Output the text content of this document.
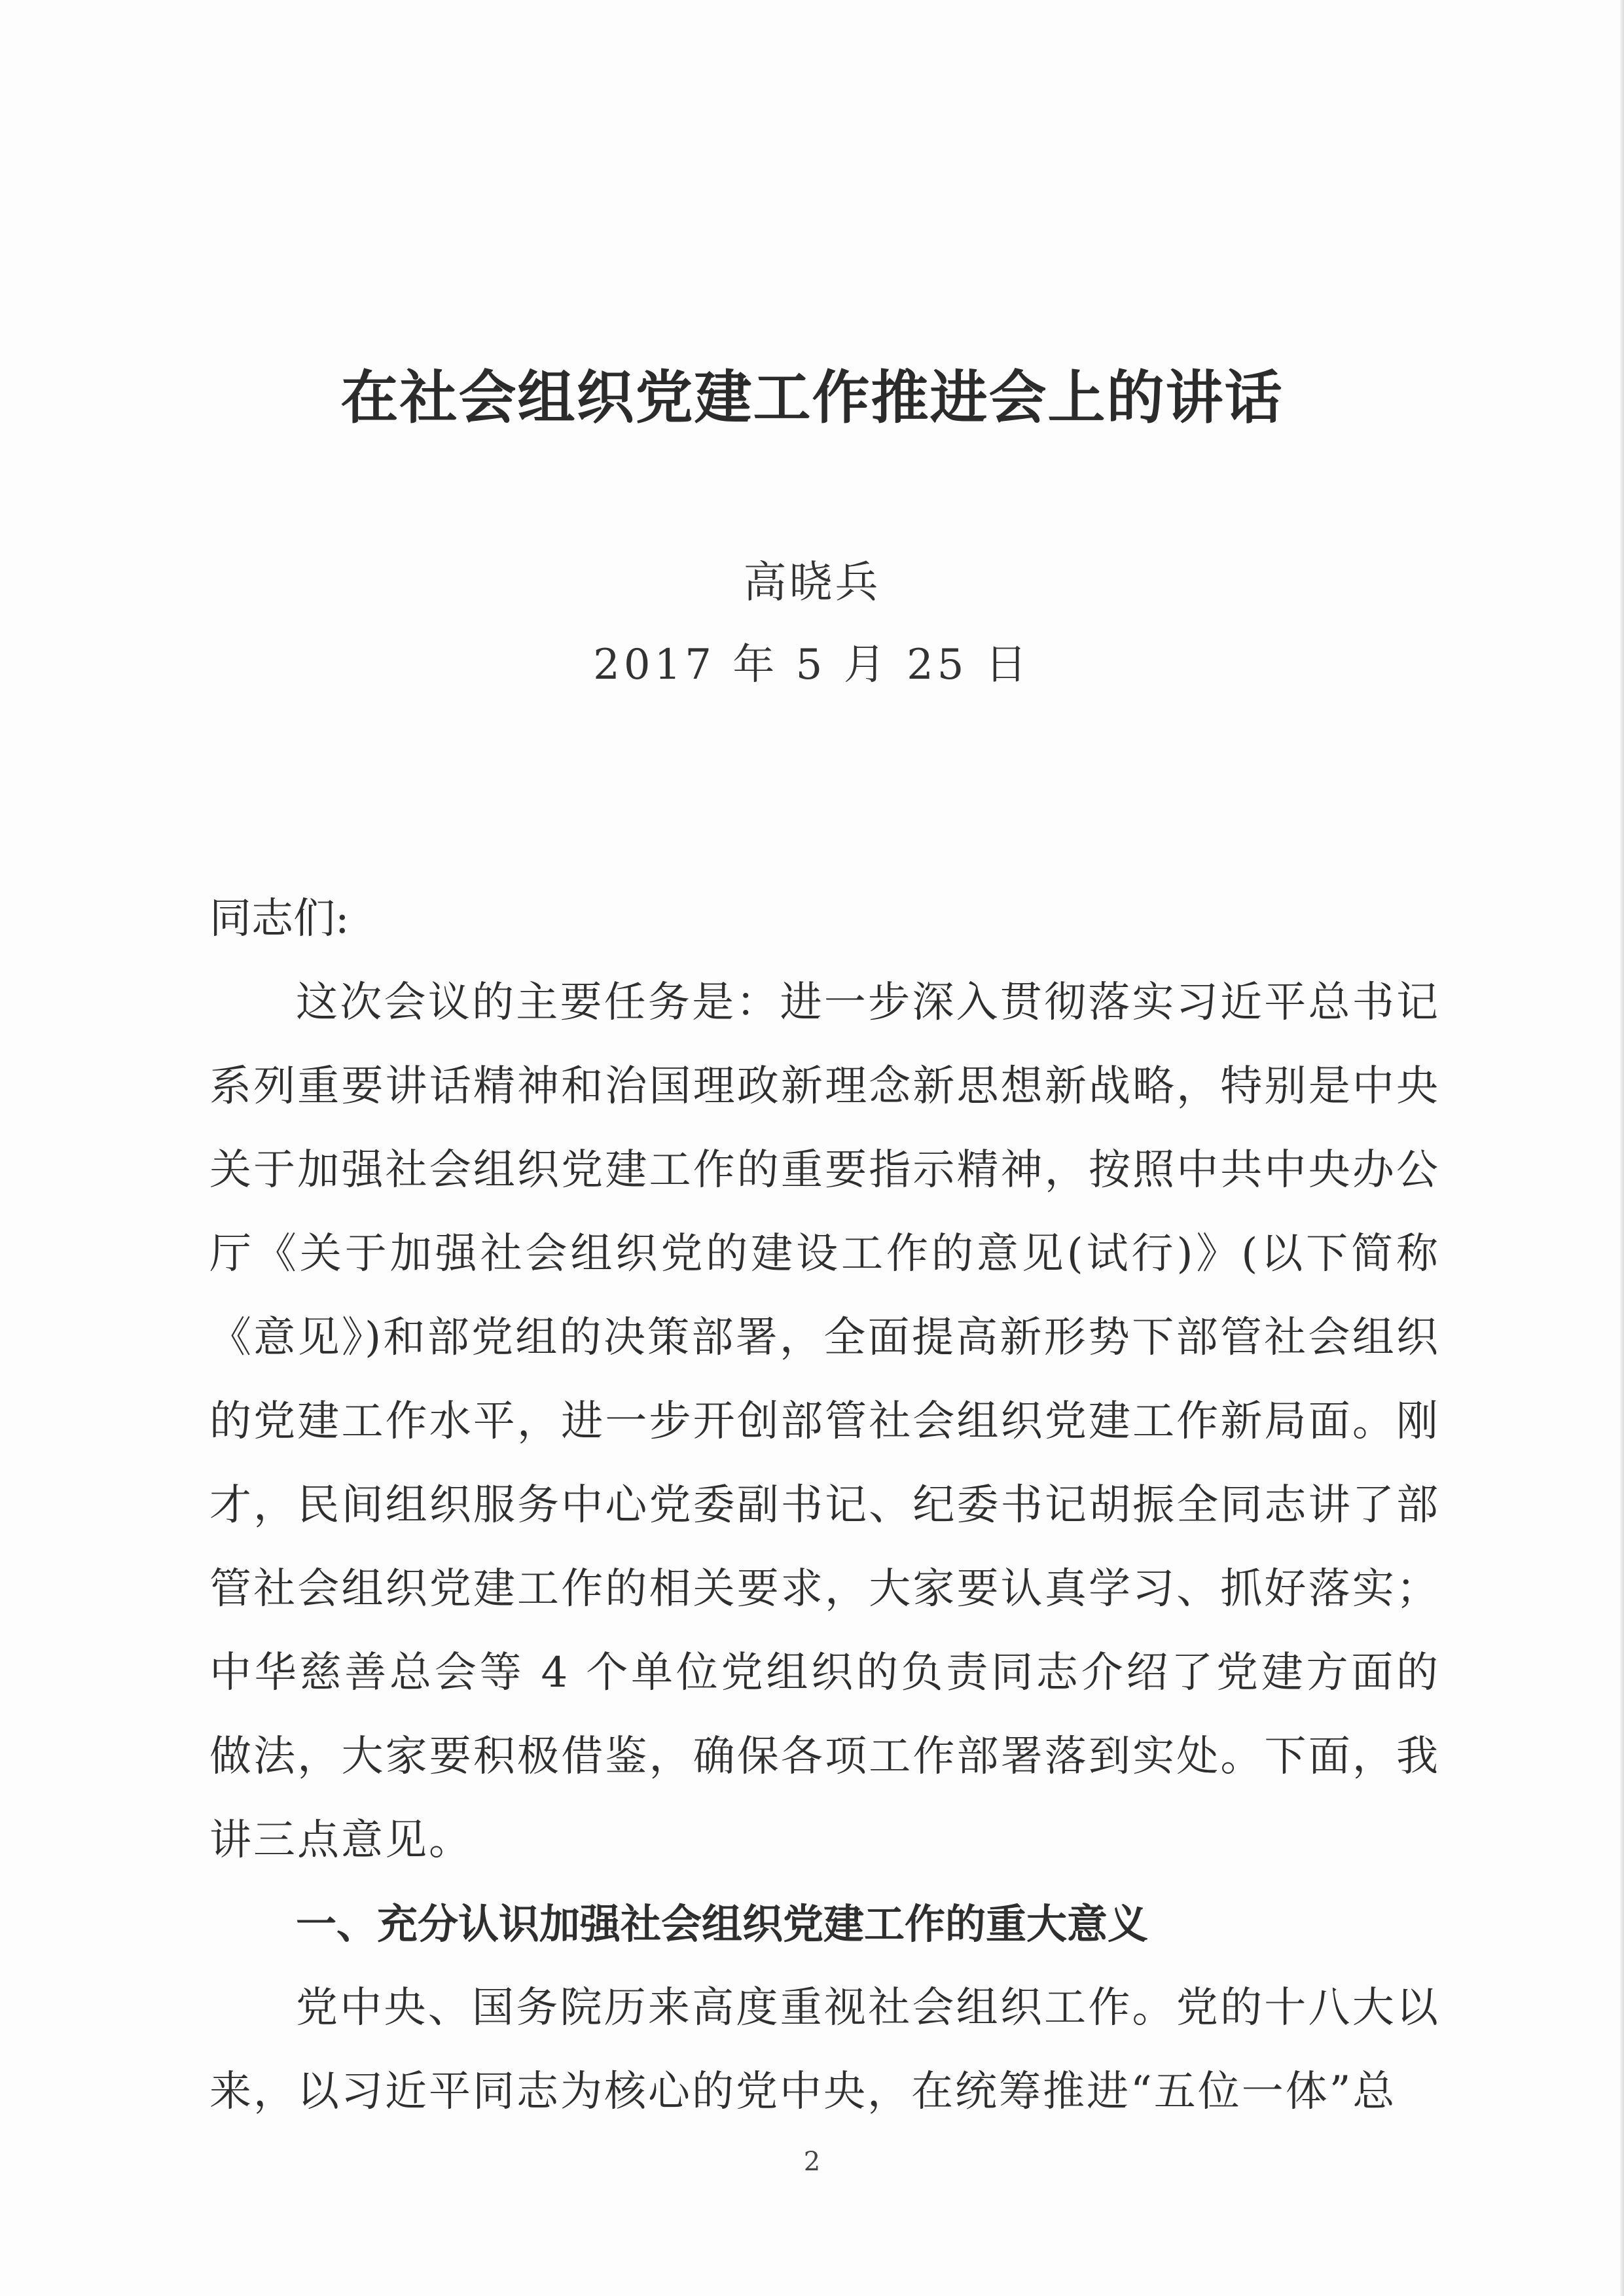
在社会组织党建工作推进会上的讲话
高晓兵
2017 年 5 月 25 日

同志们:

这次会议的主要任务是：进一步深入贯彻落实习近平总书记系列重要讲话精神和治国理政新理念新思想新战略，特别是中央关于加强社会组织党建工作的重要指示精神，按照中共中央办公厅《关于加强社会组织党的建设工作的意见(试行)》(以下简称《意见》)和部党组的决策部署，全面提高新形势下部管社会组织的党建工作水平，进一步开创部管社会组织党建工作新局面。刚才，民间组织服务中心党委副书记、纪委书记胡振全同志讲了部管社会组织党建工作的相关要求，大家要认真学习、抓好落实；中华慈善总会等 4 个单位党组织的负责同志介绍了党建方面的做法，大家要积极借鉴，确保各项工作部署落到实处。下面，我讲三点意见。

一、充分认识加强社会组织党建工作的重大意义

党中央、国务院历来高度重视社会组织工作。党的十八大以来，以习近平同志为核心的党中央，在统筹推进“五位一体”总

2
